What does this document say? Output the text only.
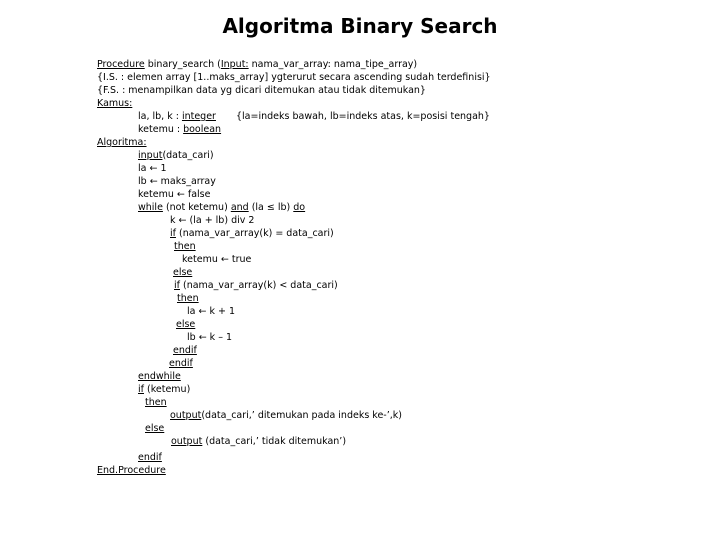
Algoritma Binary Search
Procedure binary_search (Input: nama_var_array: nama_tipe_array)
{I.S. : elemen array [1..maks_array] ygterurut secara ascending sudah terdefinisi}
{F.S. : menampilkan data yg dicari ditemukan atau tidak ditemukan}
Kamus:
la, lb, k : integer {la=indeks bawah, lb=indeks atas, k=posisi tengah}
ketemu : boolean
Algoritma:
input(data_cari)
la ← 1
lb ← maks_array
ketemu ← false
while (not ketemu) and (la ≤ lb) do
k ← (la + lb) div 2
if (nama_var_array(k) = data_cari)
then
ketemu ← true
else
if (nama_var_array(k) < data_cari)
then
la ← k + 1
else
lb ← k – 1
endif
endif
endwhile
if (ketemu)
then
output(data_cari,’ ditemukan pada indeks ke-’,k)
else
output (data_cari,’ tidak ditemukan’)
endif
End.Procedure
